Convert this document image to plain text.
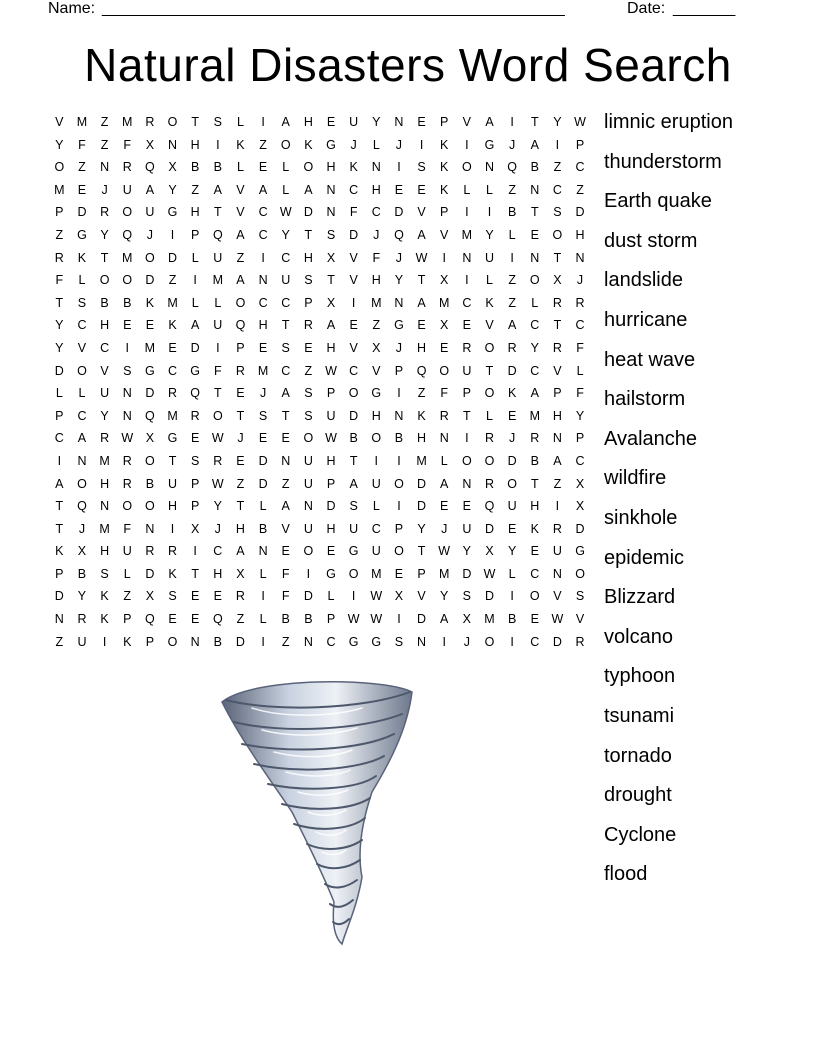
Name: ____________________________________________________	Date: _______
Natural Disasters Word Search
V	M	Z	M	R	O	T	S	L	I	A	H	E	U	Y	N	E	P	V	A	I	T	Y	W
Y	F	Z	F	X	N	H	I	K	Z	O	K	G	J	L	J	I	K	I	G	J	A	I	P
O	Z	N	R	Q	X	B	B	L	E	L	O	H	K	N	I	S	K	O	N	Q	B	Z	C
M	E	J	U	A	Y	Z	A	V	A	L	A	N	C	H	E	E	K	L	L	Z	N	C	Z
P	D	R	O	U	G	H	T	V	C W D	N	F	C	D	V	P	I	I	B	T	S	D
Z	G	Y	Q	J	I	P	Q	A	C	Y	T	S	D	J	Q	A	V	M	Y	L	E	O	H
R	K	T	M	O	D	L	U	Z	I	C	H	X	V	F	J	W	I	N	U	I	N	T	N
F	L	O	O	D	Z	I	M	A	N	U	S	T	V	H	Y	T	X	I	L	Z	O	X	J
T	S	B	B	K	M	L	L	O	C	C	P	X	I	M	N	A	M	C	K	Z	L	R	R
Y	C	H	E	E	K	A	U	Q	H	T	R	A	E	Z	G	E	X	E	V	A	C	T	C
Y	V	C	I	M	E	D	I	P	E	S	E	H	V	X	J	H	E	R	O	R	Y	R	F
D	O	V	S	G	C	G	F	R	M	C	Z	W C	V	P	Q	O	U	T	D	C	V	L
L	L	U	N	D	R	Q	T	E	J	A	S	P	O	G	I	Z	F	P	O	K	A	P	F
P	C	Y	N	Q	M	R	O	T	S	T	S	U	D	H	N	K	R	T	L	E	M	H	Y
C	A	R W	X	G	E	W	J	E	E	O W	B	O	B	H	N	I	R	J	R	N	P
I	N	M	R	O	T	S	R	E	D	N	U	H	T	I	I	M	L	O	O	D	B	A	C
A	O	H	R	B	U	P	W	Z	D	Z	U	P	A	U	O	D	A	N	R	O	T	Z	X
T	Q	N	O	O	H	P	Y	T	L	A	N	D	S	L	I	D	E	E	Q	U	H	I	X
T	J	M	F	N	I	X	J	H	B	V	U	H	U	C	P	Y	J	U	D	E	K	R	D
K	X	H	U	R	R	I	C	A	N	E	O	E	G	U	O	T	W	Y	X	Y	E	U	G
P	B	S	L	D	K	T	H	X	L	F	I	G	O	M	E	P	M	D W	L	C	N	O
D	Y	K	Z	X	S	E	E	R	I	F	D	L	I	W	X	V	Y	S	D	I	O	V	S
N	R	K	P	Q	E	E	Q	Z	L	B	B	P	W W	I	D	A	X	M	B	E	W	V
Z	U	I	K	P	O	N	B	D	I	Z	N	C	G	G	S	N	I	J	O	I	C	D	R
limnic eruption
thunderstorm
Earth quake
dust storm
landslide
hurricane
heat wave
hailstorm
Avalanche
wildfire
sinkhole
epidemic
Blizzard
volcano
typhoon
tsunami
tornado
drought
Cyclone
flood
